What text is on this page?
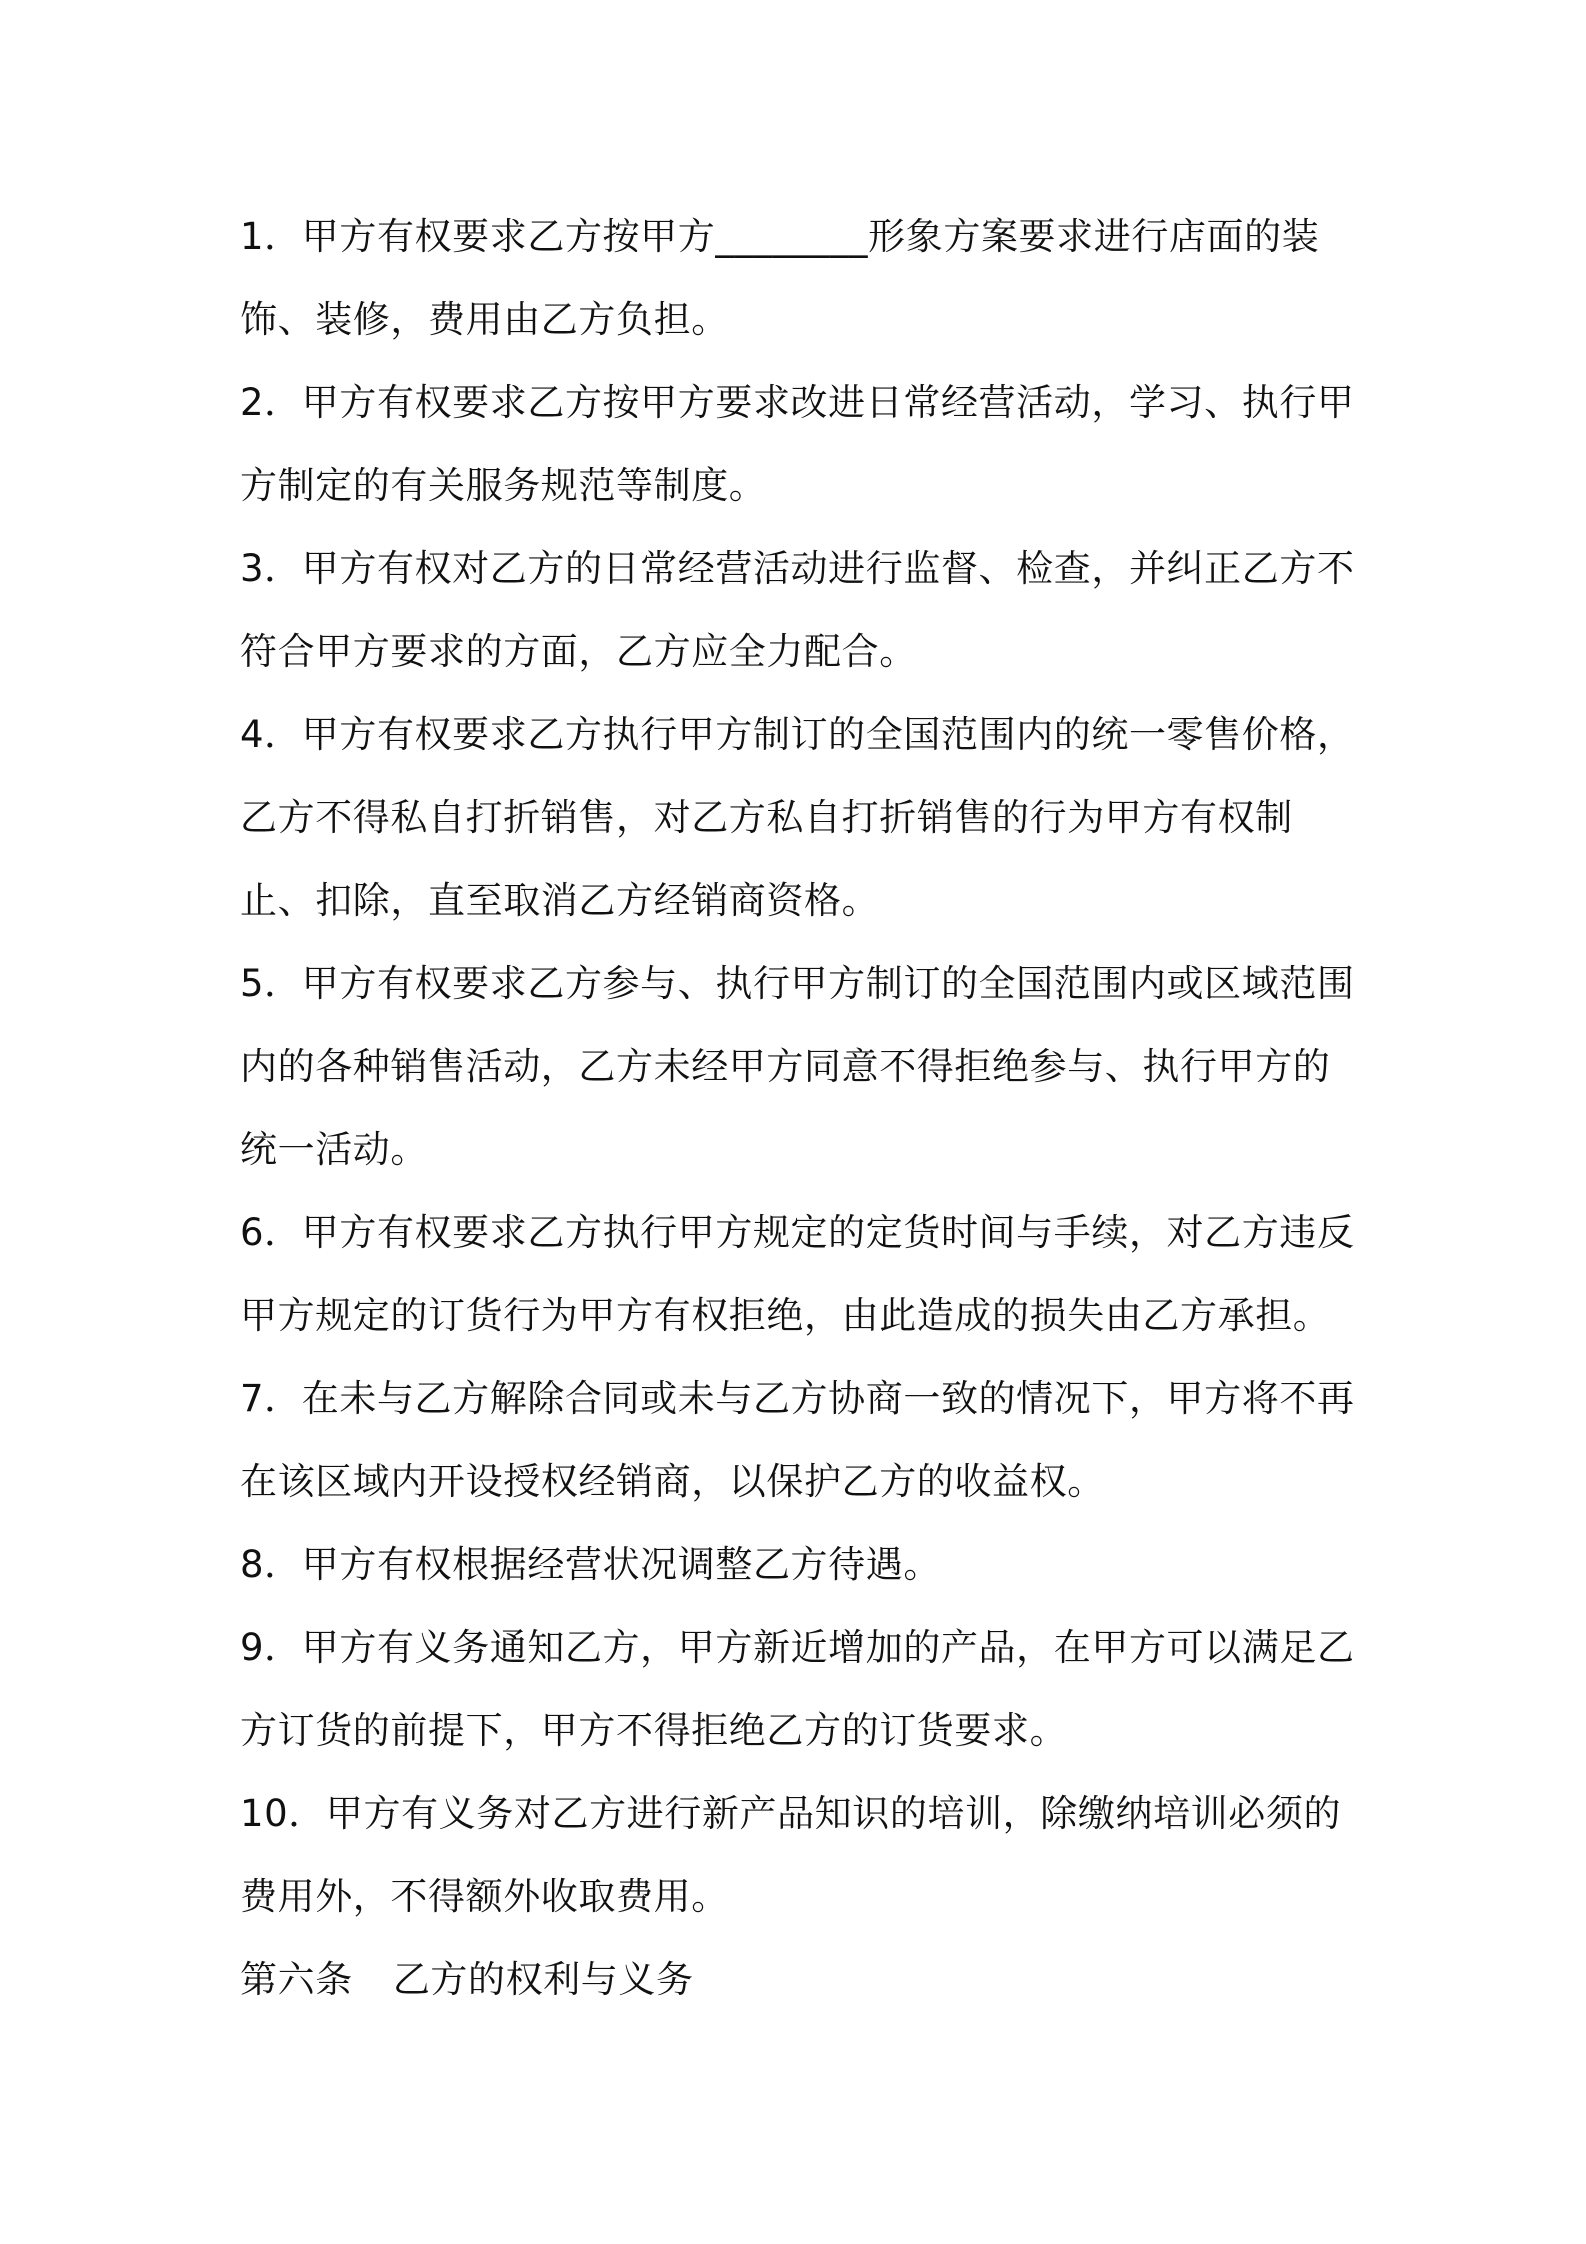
1．甲方有权要求乙方按甲方________形象方案要求进行店面的装饰、装修，费用由乙方负担。

2．甲方有权要求乙方按甲方要求改进日常经营活动，学习、执行甲方制定的有关服务规范等制度。

3．甲方有权对乙方的日常经营活动进行监督、检查，并纠正乙方不符合甲方要求的方面，乙方应全力配合。

4．甲方有权要求乙方执行甲方制订的全国范围内的统一零售价格，乙方不得私自打折销售，对乙方私自打折销售的行为甲方有权制止、扣除，直至取消乙方经销商资格。

5．甲方有权要求乙方参与、执行甲方制订的全国范围内或区域范围内的各种销售活动，乙方未经甲方同意不得拒绝参与、执行甲方的统一活动。

6．甲方有权要求乙方执行甲方规定的定货时间与手续，对乙方违反甲方规定的订货行为甲方有权拒绝，由此造成的损失由乙方承担。

7．在未与乙方解除合同或未与乙方协商一致的情况下，甲方将不再在该区域内开设授权经销商，以保护乙方的收益权。

8．甲方有权根据经营状况调整乙方待遇。

9．甲方有义务通知乙方，甲方新近增加的产品，在甲方可以满足乙方订货的前提下，甲方不得拒绝乙方的订货要求。

10．甲方有义务对乙方进行新产品知识的培训，除缴纳培训必须的费用外，不得额外收取费用。

第六条 乙方的权利与义务
